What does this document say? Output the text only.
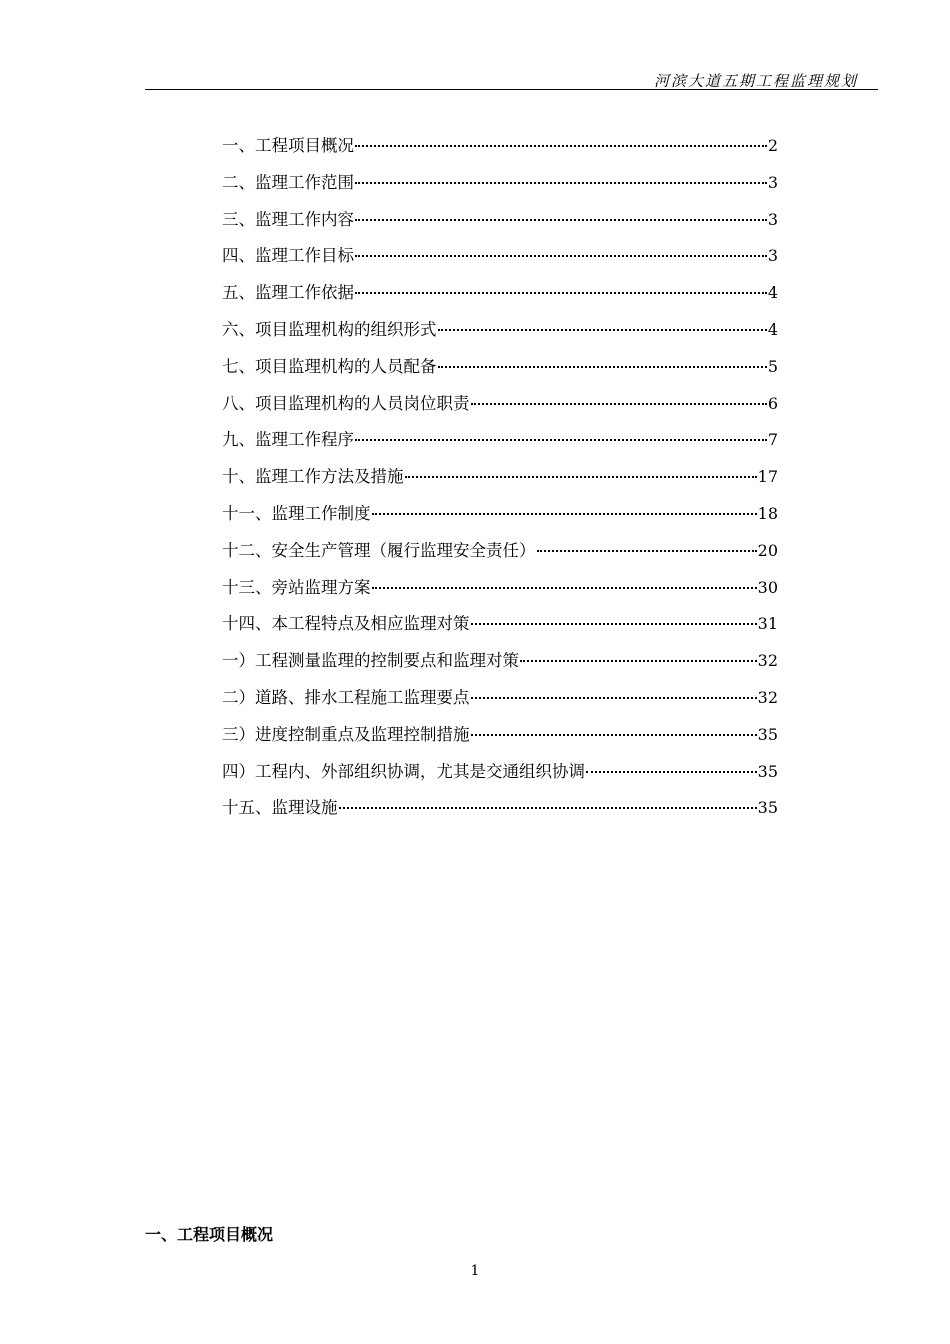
河滨大道五期工程监理规划
一、工程项目概况	2
二、监理工作范围	3
三、监理工作内容	3
四、监理工作目标	3
五、监理工作依据	4
六、项目监理机构的组织形式	4
七、项目监理机构的人员配备	5
八、项目监理机构的人员岗位职责	6
九、监理工作程序	7
十、监理工作方法及措施	17
十一、监理工作制度	18
十二、安全生产管理（履行监理安全责任）	20
十三、旁站监理方案	30
十四、本工程特点及相应监理对策	31
一）工程测量监理的控制要点和监理对策	32
二）道路、排水工程施工监理要点	32
三）进度控制重点及监理控制措施	35
四）工程内、外部组织协调，尤其是交通组织协调	35
十五、监理设施	35
一、工程项目概况
1
